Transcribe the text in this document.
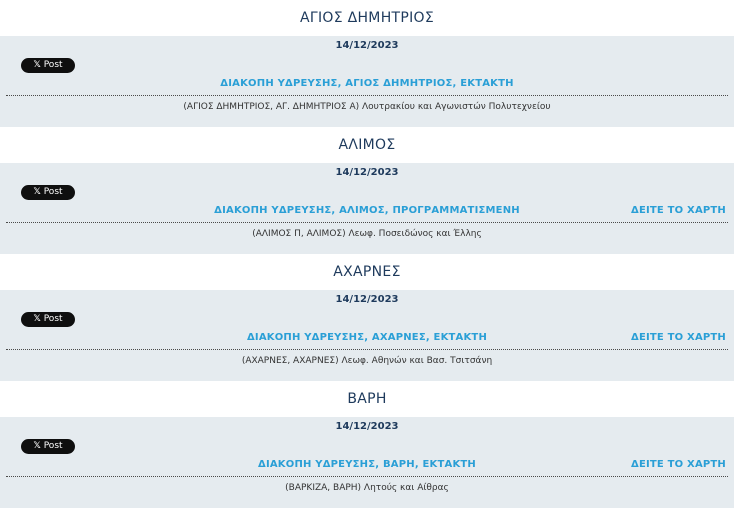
ΑΓΙΟΣ ΔΗΜΗΤΡΙΟΣ
14/12/2023
𝕏 Post
ΔΙΑΚΟΠΗ ΥΔΡΕΥΣΗΣ, ΑΓΙΟΣ ΔΗΜΗΤΡΙΟΣ, ΕΚΤΑΚΤΗ
(ΑΓΙΟΣ ΔΗΜΗΤΡΙΟΣ, ΑΓ. ΔΗΜΗΤΡΙΟΣ Α) Λουτρακίου και Αγωνιστών Πολυτεχνείου
ΑΛΙΜΟΣ
14/12/2023
𝕏 Post
ΔΙΑΚΟΠΗ ΥΔΡΕΥΣΗΣ, ΑΛΙΜΟΣ, ΠΡΟΓΡΑΜΜΑΤΙΣΜΕΝΗ	ΔΕΙΤΕ ΤΟ ΧΑΡΤΗ
(ΑΛΙΜΟΣ Π, ΑΛΙΜΟΣ) Λεωφ. Ποσειδώνος και Έλλης
ΑΧΑΡΝΕΣ
14/12/2023
𝕏 Post
ΔΙΑΚΟΠΗ ΥΔΡΕΥΣΗΣ, ΑΧΑΡΝΕΣ, ΕΚΤΑΚΤΗ	ΔΕΙΤΕ ΤΟ ΧΑΡΤΗ
(ΑΧΑΡΝΕΣ, ΑΧΑΡΝΕΣ) Λεωφ. Αθηνών και Βασ. Τσιτσάνη
ΒΑΡΗ
14/12/2023
𝕏 Post
ΔΙΑΚΟΠΗ ΥΔΡΕΥΣΗΣ, ΒΑΡΗ, ΕΚΤΑΚΤΗ	ΔΕΙΤΕ ΤΟ ΧΑΡΤΗ
(ΒΑΡΚΙΖΑ, ΒΑΡΗ) Λητούς και Αίθρας
